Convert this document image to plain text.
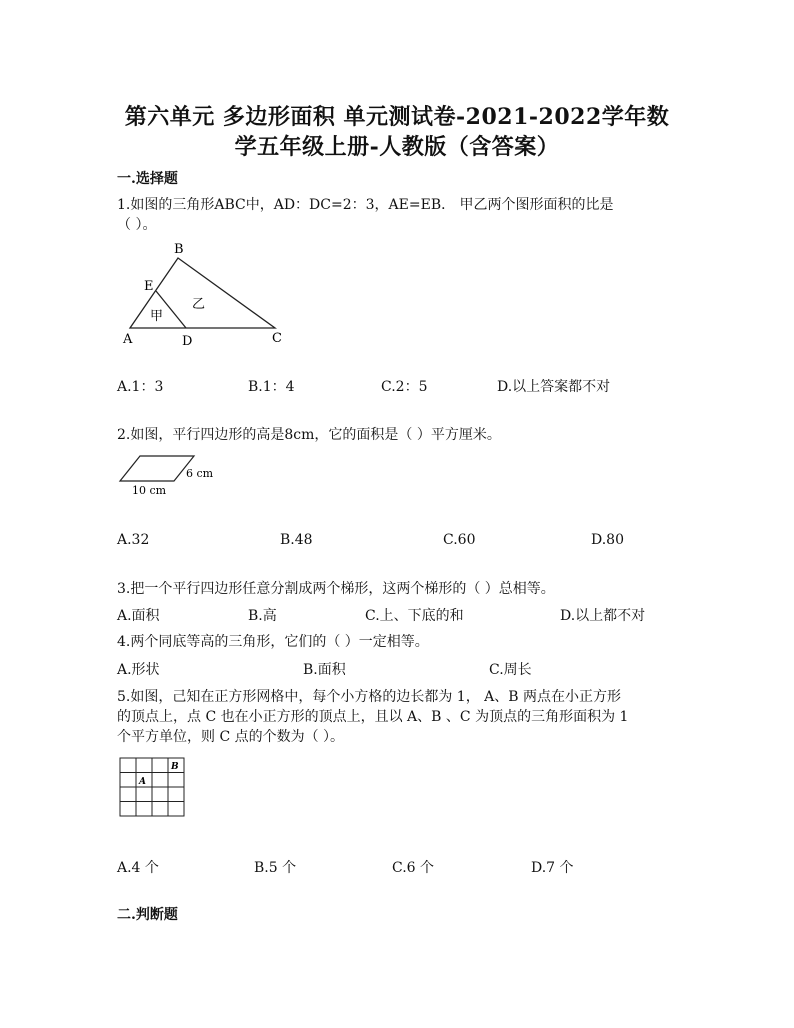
第六单元 多边形面积 单元测试卷-2021-2022学年数
学五年级上册-人教版（含答案）
一.选择题
1.如图的三角形ABC中，AD：DC=2：3，AE=EB． 甲乙两个图形面积的比是
（ ）。
B
E
A	D	C
甲
乙
A.1：3	B.1：4	C.2：5	D.以上答案都不对
2.如图，平行四边形的高是8cm，它的面积是（ ）平方厘米。
6 cm
10 cm
A.32	B.48	C.60	D.80
3.把一个平行四边形任意分割成两个梯形，这两个梯形的（ ）总相等。
A.面积	B.高	C.上、下底的和	D.以上都不对
4.两个同底等高的三角形，它们的（ ）一定相等。
A.形状	B.面积	C.周长
5.如图，己知在正方形网格中，每个小方格的边长都为 1， A、B 两点在小正方形
的顶点上，点 C 也在小正方形的顶点上，且以 A、B 、C 为顶点的三角形面积为 1
个平方单位，则 C 点的个数为（ ）。
A
B
A.4 个	B.5 个	C.6 个	D.7 个
二.判断题
